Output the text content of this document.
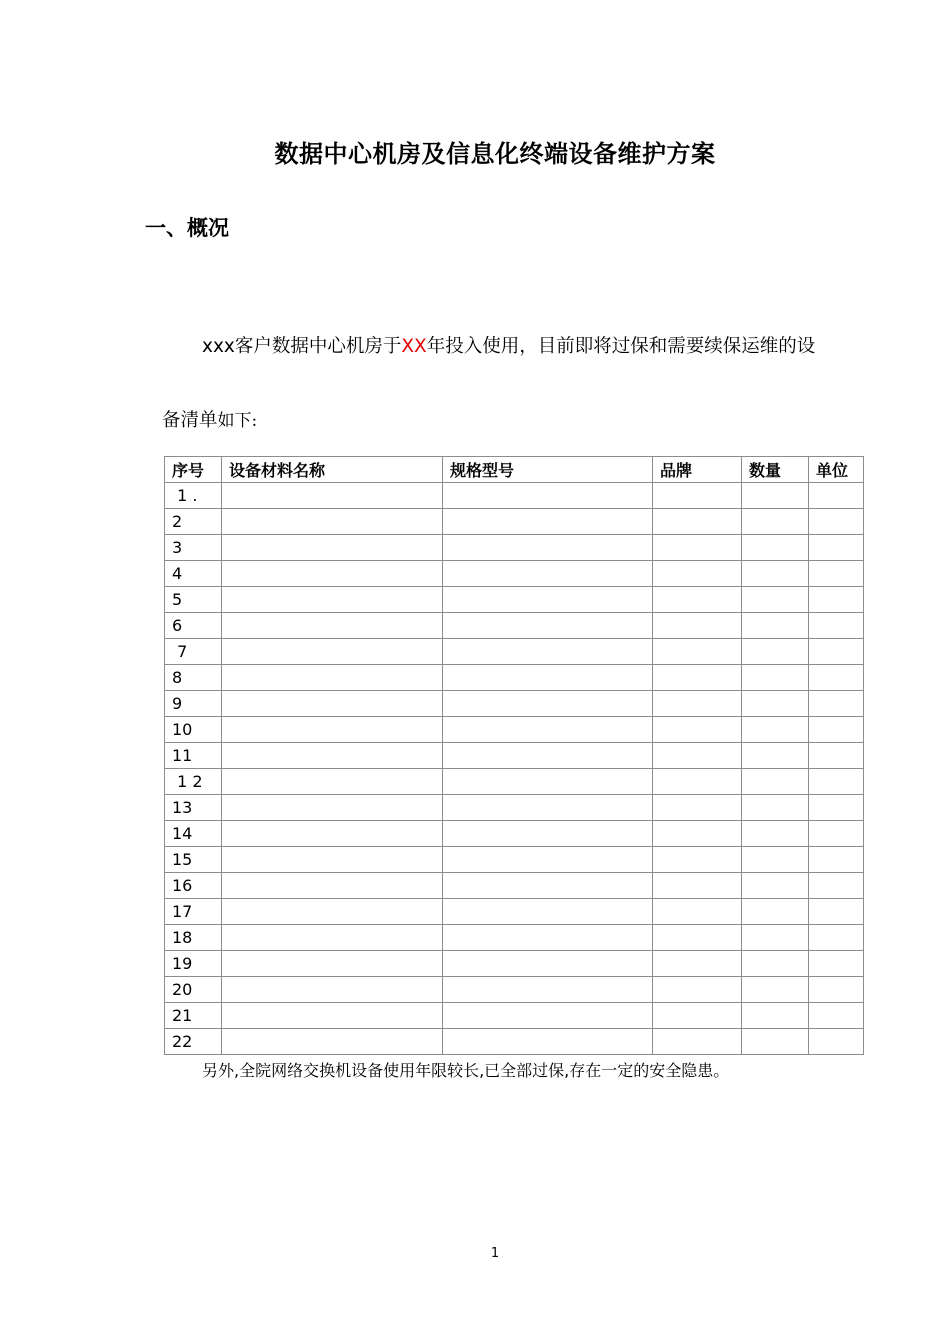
数据中心机房及信息化终端设备维护方案
一、概况
xxx客户数据中心机房于XX年投入使用，目前即将过保和需要续保运维的设
备清单如下:
序号	设备材料名称	规格型号	品牌	数量	单位
1 .					
2					
3					
4					
5					
6					
7					
8					
9					
10					
11					
1 2					
13					
14					
15					
16					
17					
18					
19					
20					
21					
22					
另外,全院网络交换机设备使用年限较长,已全部过保,存在一定的安全隐患。
1
